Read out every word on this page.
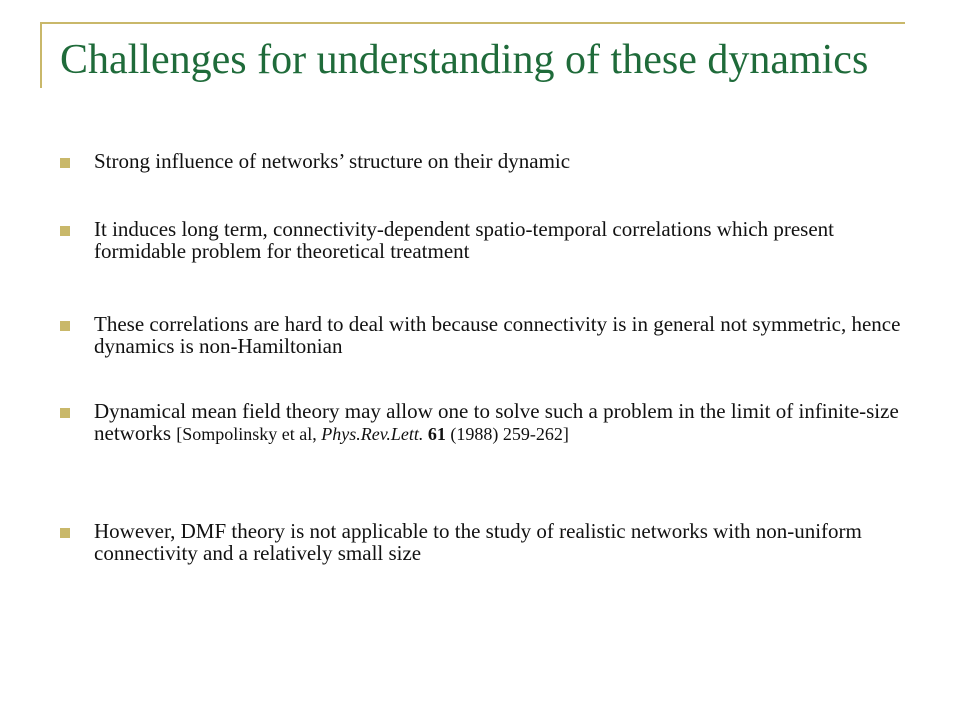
Challenges for understanding of these dynamics
Strong influence of networks’ structure on their dynamic
It induces long term, connectivity-dependent spatio-temporal correlations which present formidable problem for theoretical treatment
These correlations are hard to deal with because connectivity is in general not symmetric, hence dynamics is non-Hamiltonian
Dynamical mean field theory may allow one to solve such a problem in the limit of infinite-size networks [Sompolinsky et al, Phys.Rev.Lett. 61 (1988) 259-262]
However, DMF theory is not applicable to the study of realistic networks with non-uniform connectivity and a relatively small size
